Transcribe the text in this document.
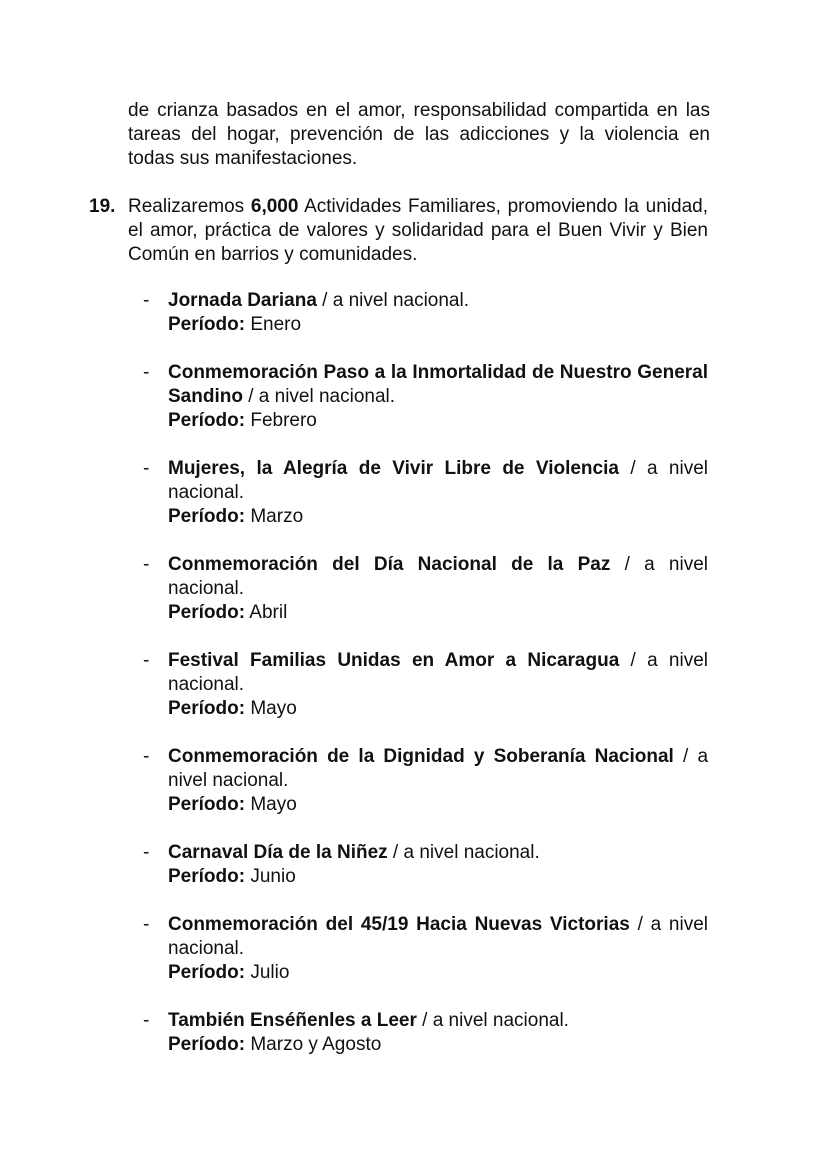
de crianza basados en el amor, responsabilidad compartida en las tareas del hogar, prevención de las adicciones y la violencia en todas sus manifestaciones.
19. Realizaremos 6,000 Actividades Familiares, promoviendo la unidad, el amor, práctica de valores y solidaridad para el Buen Vivir y Bien Común en barrios y comunidades.
- Jornada Dariana / a nivel nacional.
Período: Enero
- Conmemoración Paso a la Inmortalidad de Nuestro General Sandino / a nivel nacional.
Período: Febrero
- Mujeres, la Alegría de Vivir Libre de Violencia / a nivel nacional.
Período: Marzo
- Conmemoración del Día Nacional de la Paz / a nivel nacional.
Período: Abril
- Festival Familias Unidas en Amor a Nicaragua / a nivel nacional.
Período: Mayo
- Conmemoración de la Dignidad y Soberanía Nacional / a nivel nacional.
Período: Mayo
- Carnaval Día de la Niñez / a nivel nacional.
Período: Junio
- Conmemoración del 45/19 Hacia Nuevas Victorias / a nivel nacional.
Período: Julio
- También Enséñenles a Leer / a nivel nacional.
Período: Marzo y Agosto
